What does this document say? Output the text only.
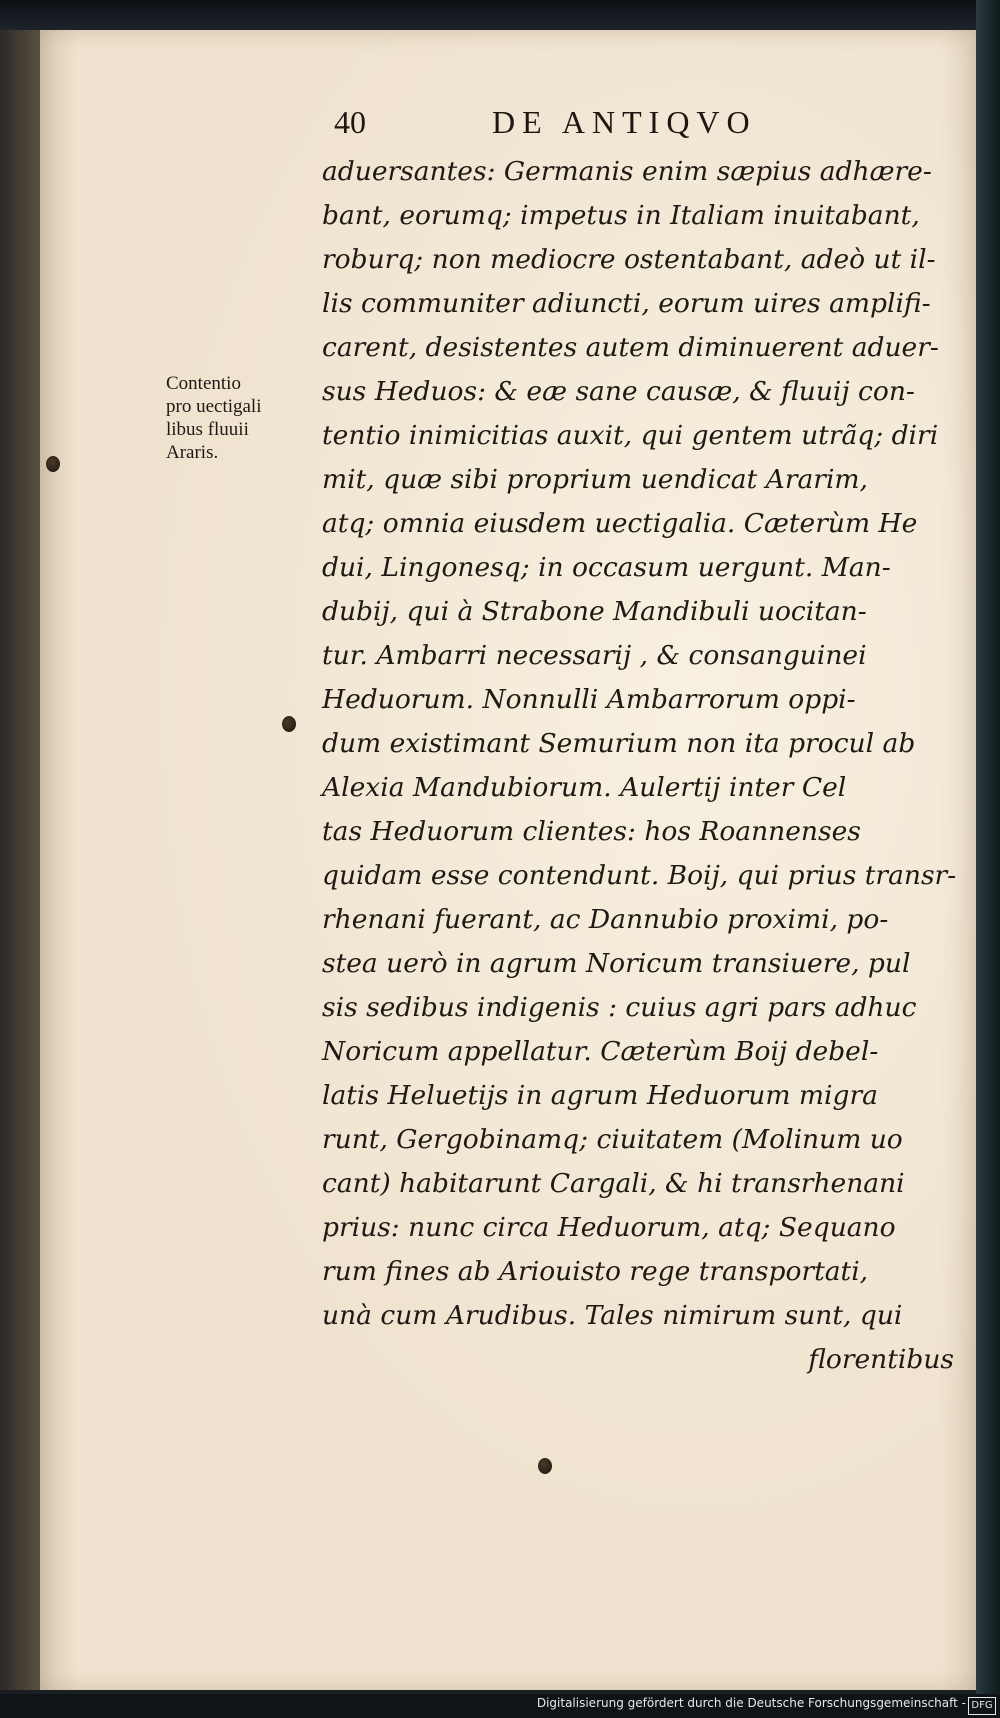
40	DE ANTIQVO
Contentio
pro uectigali
libus fluuii
Araris.
aduersantes: Germanis enim sæpius adhære-
bant, eorumq; impetus in Italiam inuitabant,
roburq; non mediocre ostentabant, adeò ut il-
lis communiter adiuncti, eorum uires amplifi-
carent, desistentes autem diminuerent aduer-
sus Heduos: & eæ sane causæ, & fluuij con-
tentio inimicitias auxit, qui gentem utrãq; diri
mit, quæ sibi proprium uendicat Ararim,
atq; omnia eiusdem uectigalia. Cæterùm He
dui, Lingonesq; in occasum uergunt. Man-
dubij, qui à Strabone Mandibuli uocitan-
tur. Ambarri necessarij , & consanguinei
Heduorum. Nonnulli Ambarrorum oppi-
dum existimant Semurium non ita procul ab
Alexia Mandubiorum. Aulertij inter Cel
tas Heduorum clientes: hos Roannenses
quidam esse contendunt. Boij, qui prius transr-
rhenani fuerant, ac Dannubio proximi, po-
stea uerò in agrum Noricum transiuere, pul
sis sedibus indigenis : cuius agri pars adhuc
Noricum appellatur. Cæterùm Boij debel-
latis Heluetijs in agrum Heduorum migra
runt, Gergobinamq; ciuitatem (Molinum uo
cant) habitarunt Cargali, & hi transrhenani
prius: nunc circa Heduorum, atq; Sequano
rum fines ab Ariouisto rege transportati,
unà cum Arudibus. Tales nimirum sunt, qui
florentibus
Digitalisierung gefördert durch die Deutsche Forschungsgemeinschaft - DFG
